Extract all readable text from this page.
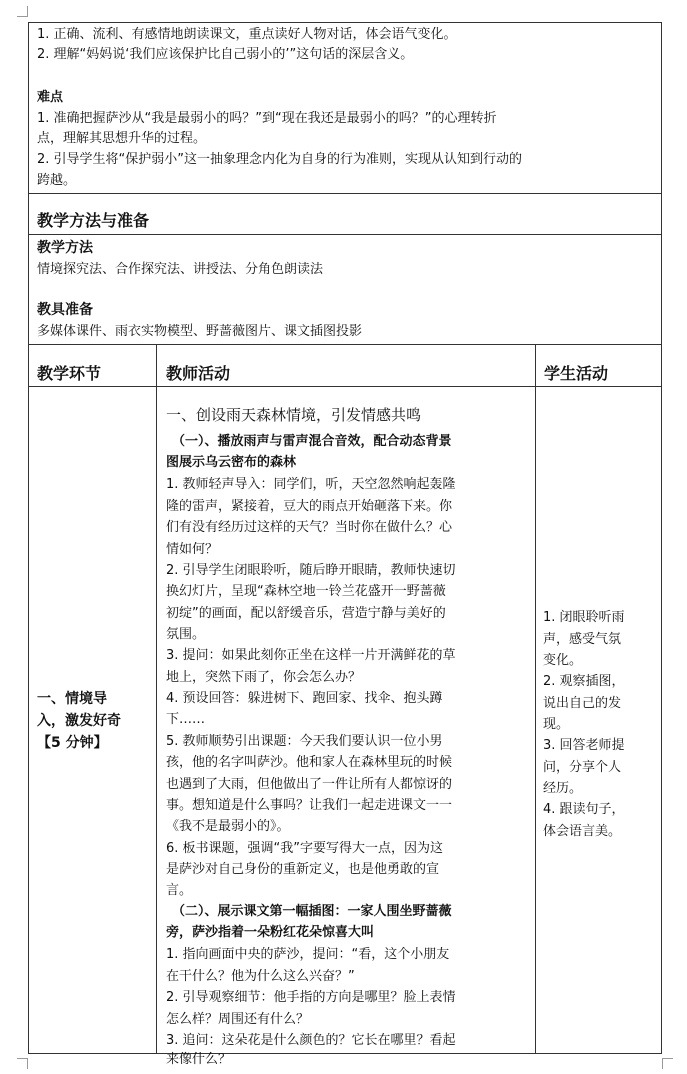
1. 正确、流利、有感情地朗读课文，重点读好人物对话，体会语气变化。
2. 理解“妈妈说‘我们应该保护比自己弱小的’”这句话的深层含义。
难点
1. 准确把握萨沙从“我是最弱小的吗？”到“现在我还是最弱小的吗？”的心理转折
点，理解其思想升华的过程。
2. 引导学生将“保护弱小”这一抽象理念内化为自身的行为准则，实现从认知到行动的
跨越。
教学方法与准备
教学方法
情境探究法、合作探究法、讲授法、分角色朗读法
教具准备
多媒体课件、雨衣实物模型、野蔷薇图片、课文插图投影
教学环节	教师活动	学生活动
一、情境导
入，激发好奇
【5 分钟】
一、创设雨天森林情境，引发情感共鸣
（一）、播放雨声与雷声混合音效，配合动态背景
图展示乌云密布的森林
1. 教师轻声导入：同学们，听，天空忽然响起轰隆
隆的雷声，紧接着，豆大的雨点开始砸落下来。你
们有没有经历过这样的天气？当时你在做什么？心
情如何？
2. 引导学生闭眼聆听，随后睁开眼睛，教师快速切
换幻灯片，呈现“森林空地一铃兰花盛开一野蔷薇
初绽”的画面，配以舒缓音乐，营造宁静与美好的
氛围。
3. 提问：如果此刻你正坐在这样一片开满鲜花的草
地上，突然下雨了，你会怎么办？
4. 预设回答：躲进树下、跑回家、找伞、抱头蹲
下……
5. 教师顺势引出课题：今天我们要认识一位小男
孩，他的名字叫萨沙。他和家人在森林里玩的时候
也遇到了大雨，但他做出了一件让所有人都惊讶的
事。想知道是什么事吗？让我们一起走进课文一一
《我不是最弱小的》。
6. 板书课题，强调“我”字要写得大一点，因为这
是萨沙对自己身份的重新定义，也是他勇敢的宣
言。
（二）、展示课文第一幅插图：一家人围坐野蔷薇
旁，萨沙指着一朵粉红花朵惊喜大叫
1. 指向画面中央的萨沙，提问：“看，这个小朋友
在干什么？他为什么这么兴奋？”
2. 引导观察细节：他手指的方向是哪里？脸上表情
怎么样？周围还有什么？
3. 追问：这朵花是什么颜色的？它长在哪里？看起
来像什么？
1. 闭眼聆听雨
声，感受气氛
变化。
2. 观察插图，
说出自己的发
现。
3. 回答老师提
问，分享个人
经历。
4. 跟读句子，
体会语言美。
